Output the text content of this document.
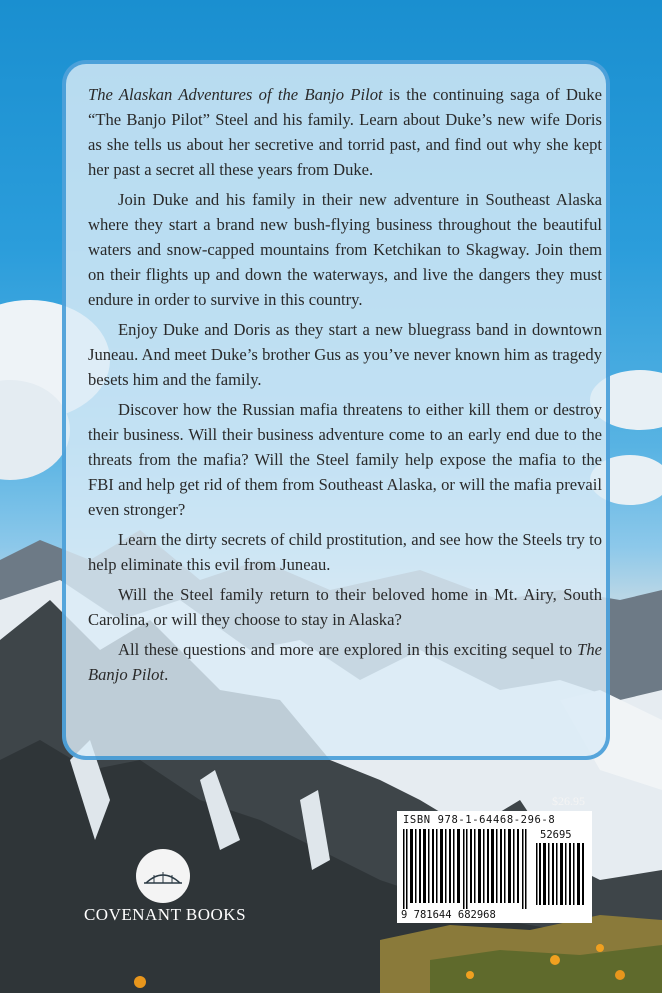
The Alaskan Adventures of the Banjo Pilot is the continuing saga of Duke “The Banjo Pilot” Steel and his family. Learn about Duke’s new wife Doris as she tells us about her secretive and torrid past, and find out why she kept her past a secret all these years from Duke.

Join Duke and his family in their new adventure in Southeast Alaska where they start a brand new bush-flying business throughout the beautiful waters and snow-capped mountains from Ketchikan to Skagway. Join them on their flights up and down the waterways, and live the dangers they must endure in order to survive in this country.

Enjoy Duke and Doris as they start a new bluegrass band in downtown Juneau. And meet Duke’s brother Gus as you’ve never known him as tragedy besets him and the family.

Discover how the Russian mafia threatens to either kill them or destroy their business. Will their business adventure come to an early end due to the threats from the mafia? Will the Steel family help expose the mafia to the FBI and help get rid of them from Southeast Alaska, or will the mafia prevail even stronger?

Learn the dirty secrets of child prostitution, and see how the Steels try to help eliminate this evil from Juneau.

Will the Steel family return to their beloved home in Mt. Airy, South Carolina, or will they choose to stay in Alaska?

All these questions and more are explored in this exciting sequel to The Banjo Pilot.

$26.95
ISBN 978-1-64468-296-8
52695
9 781644 682968
COVENANT BOOKS
